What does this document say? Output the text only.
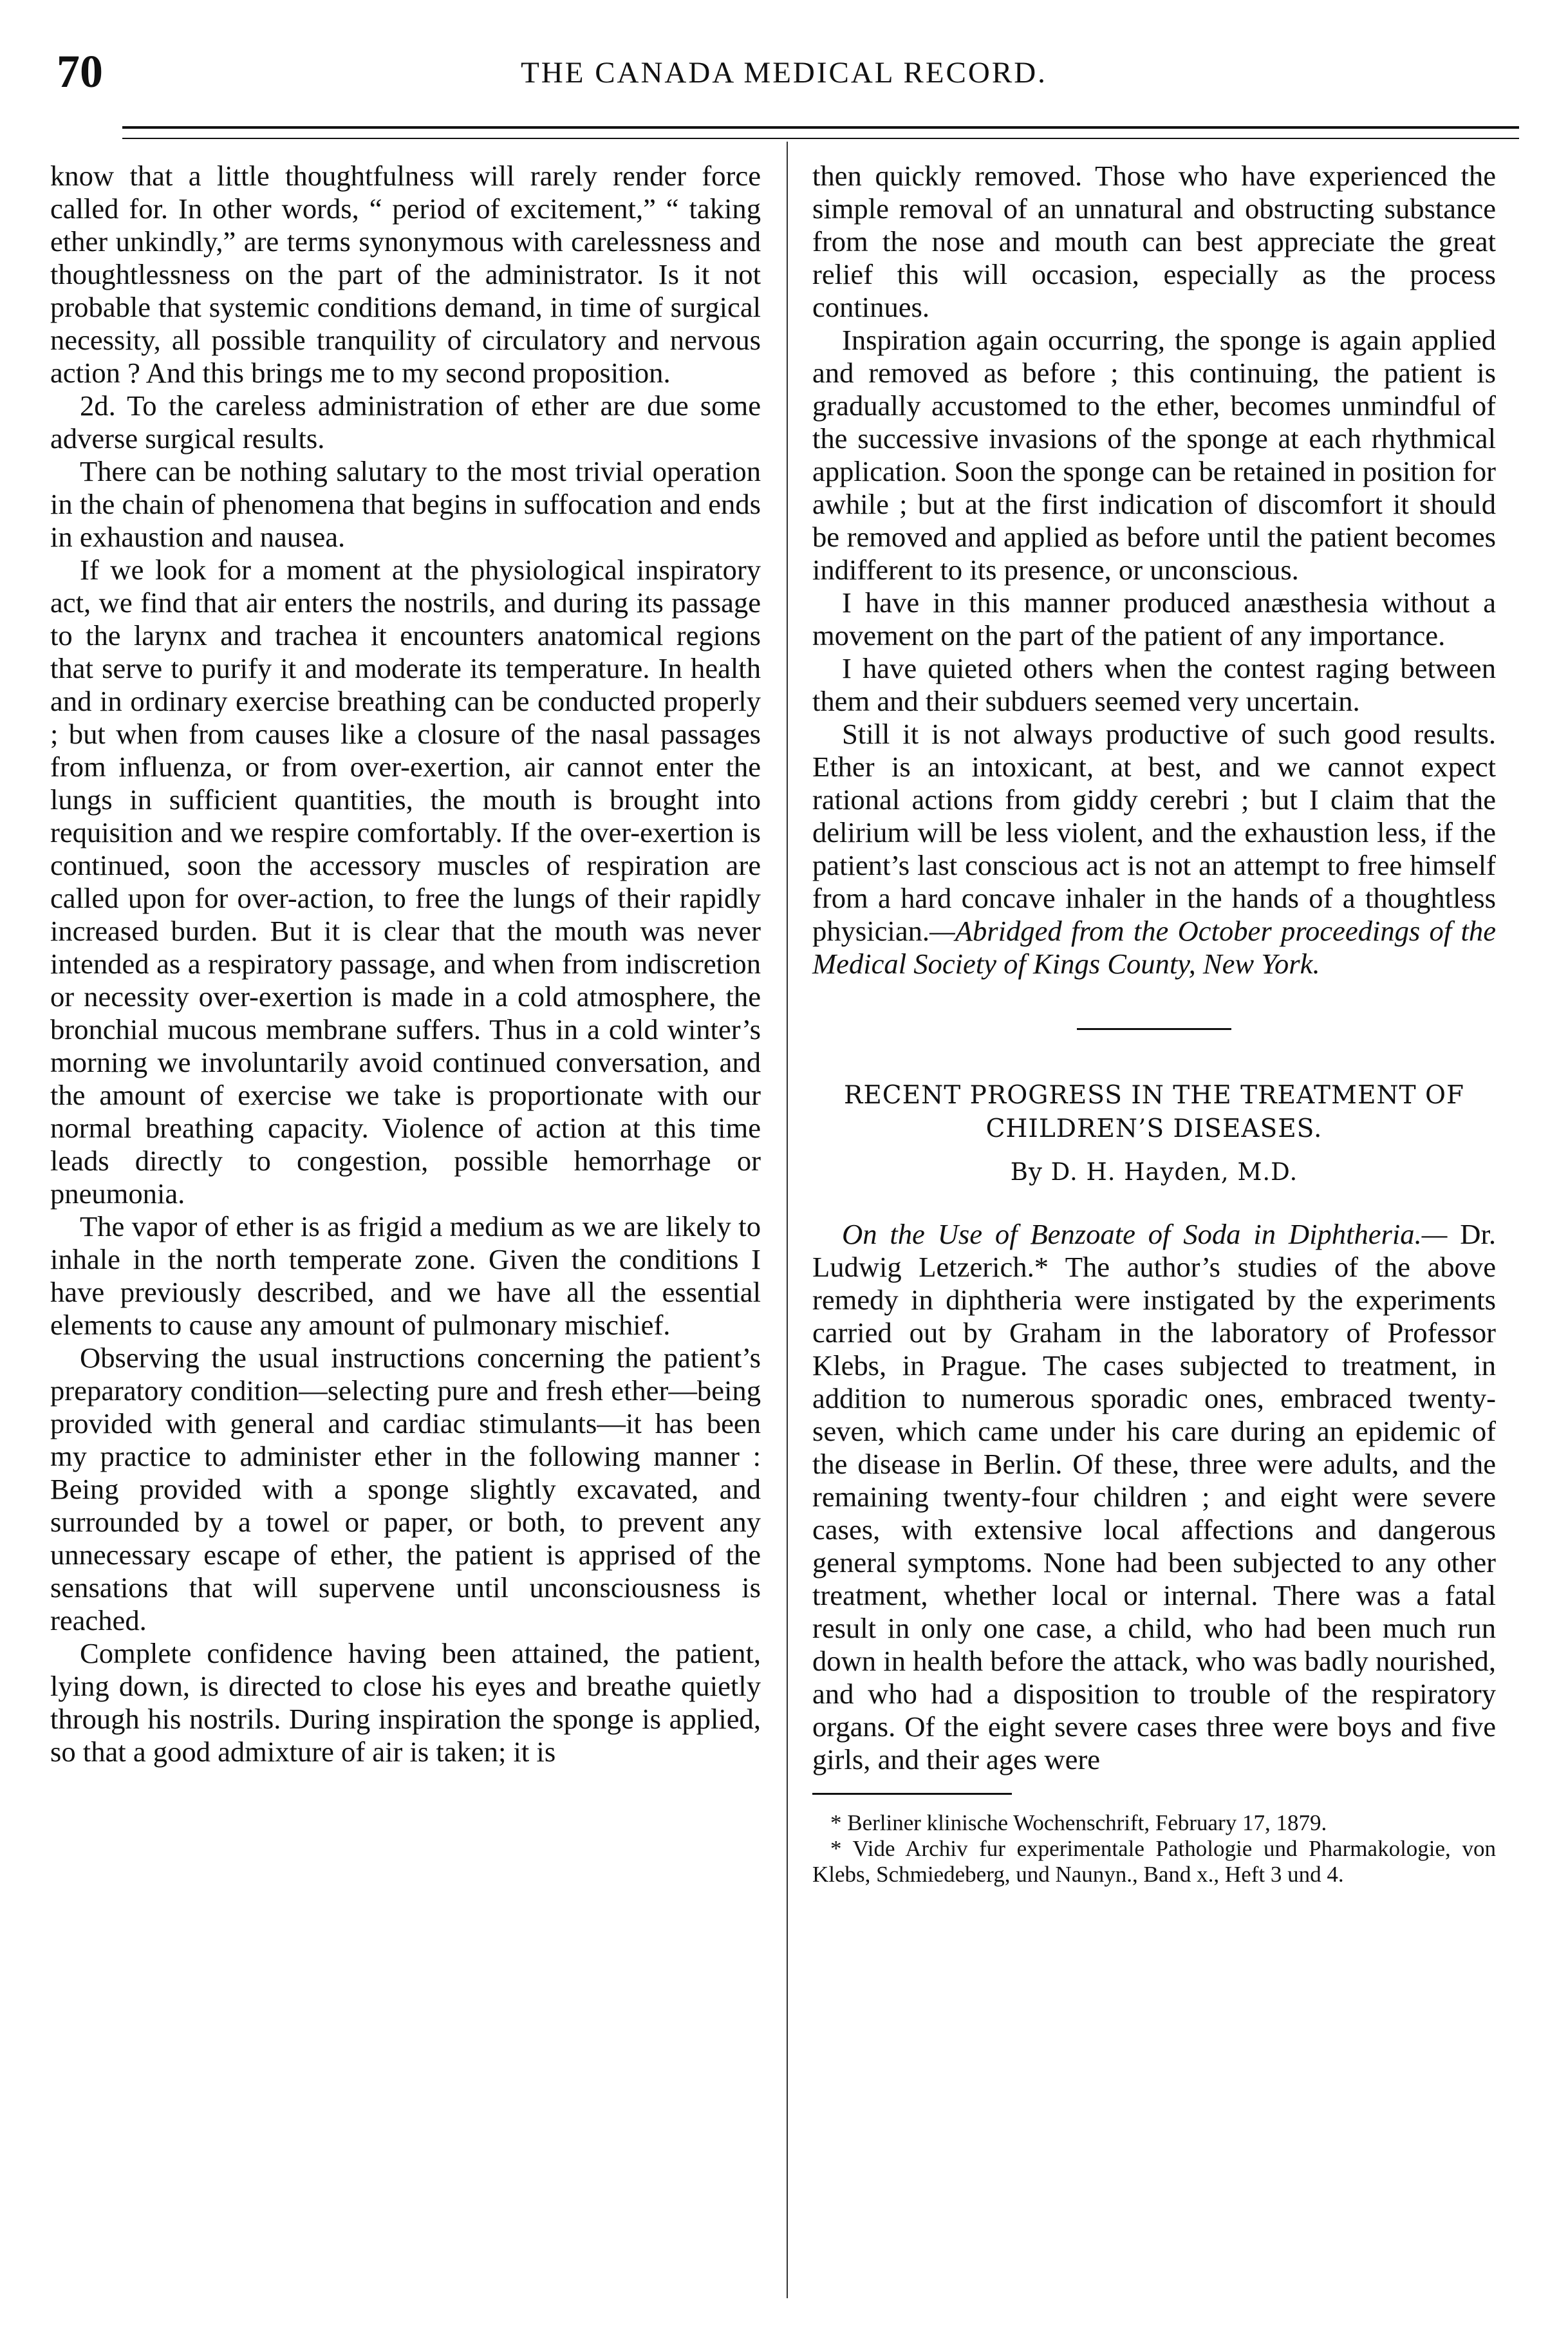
70	THE CANADA MEDICAL RECORD.

know that a little thoughtfulness will rarely render force called for. In other words, “ period of excitement,” “ taking ether unkindly,” are terms synonymous with carelessness and thoughtlessness on the part of the administrator. Is it not probable that systemic conditions demand, in time of surgical necessity, all possible tranquility of circulatory and nervous action ? And this brings me to my second proposition.

2d. To the careless administration of ether are due some adverse surgical results.

There can be nothing salutary to the most trivial operation in the chain of phenomena that begins in suffocation and ends in exhaustion and nausea.

If we look for a moment at the physiological inspiratory act, we find that air enters the nostrils, and during its passage to the larynx and trachea it encounters anatomical regions that serve to purify it and moderate its temperature. In health and in ordinary exercise breathing can be conducted properly ; but when from causes like a closure of the nasal passages from influenza, or from over-exertion, air cannot enter the lungs in sufficient quantities, the mouth is brought into requisition and we respire comfortably. If the over-exertion is continued, soon the accessory muscles of respiration are called upon for over-action, to free the lungs of their rapidly increased burden. But it is clear that the mouth was never intended as a respiratory passage, and when from indiscretion or necessity over-exertion is made in a cold atmosphere, the bronchial mucous membrane suffers. Thus in a cold winter’s morning we involuntarily avoid continued conversation, and the amount of exercise we take is proportionate with our normal breathing capacity. Violence of action at this time leads directly to congestion, possible hemorrhage or pneumonia.

The vapor of ether is as frigid a medium as we are likely to inhale in the north temperate zone. Given the conditions I have previously described, and we have all the essential elements to cause any amount of pulmonary mischief.

Observing the usual instructions concerning the patient’s preparatory condition—selecting pure and fresh ether—being provided with general and cardiac stimulants—it has been my practice to administer ether in the following manner : Being provided with a sponge slightly excavated, and surrounded by a towel or paper, or both, to prevent any unnecessary escape of ether, the patient is apprised of the sensations that will supervene until unconsciousness is reached.

Complete confidence having been attained, the patient, lying down, is directed to close his eyes and breathe quietly through his nostrils. During inspiration the sponge is applied, so that a good admixture of air is taken; it is

then quickly removed. Those who have experienced the simple removal of an unnatural and obstructing substance from the nose and mouth can best appreciate the great relief this will occasion, especially as the process continues.

Inspiration again occurring, the sponge is again applied and removed as before ; this continuing, the patient is gradually accustomed to the ether, becomes unmindful of the successive invasions of the sponge at each rhythmical application. Soon the sponge can be retained in position for awhile ; but at the first indication of discomfort it should be removed and applied as before until the patient becomes indifferent to its presence, or unconscious.

I have in this manner produced anæsthesia without a movement on the part of the patient of any importance.

I have quieted others when the contest raging between them and their subduers seemed very uncertain.

Still it is not always productive of such good results. Ether is an intoxicant, at best, and we cannot expect rational actions from giddy cerebri ; but I claim that the delirium will be less violent, and the exhaustion less, if the patient’s last conscious act is not an attempt to free himself from a hard concave inhaler in the hands of a thoughtless physician.—Abridged from the October proceedings of the Medical Society of Kings County, New York.

RECENT PROGRESS IN THE TREATMENT OF CHILDREN’S DISEASES.
By D. H. Hayden, M.D.

On the Use of Benzoate of Soda in Diphtheria.— Dr. Ludwig Letzerich.* The author’s studies of the above remedy in diphtheria were instigated by the experiments carried out by Graham in the laboratory of Professor Klebs, in Prague. The cases subjected to treatment, in addition to numerous sporadic ones, embraced twenty-seven, which came under his care during an epidemic of the disease in Berlin. Of these, three were adults, and the remaining twenty-four children ; and eight were severe cases, with extensive local affections and dangerous general symptoms. None had been subjected to any other treatment, whether local or internal. There was a fatal result in only one case, a child, who had been much run down in health before the attack, who was badly nourished, and who had a disposition to trouble of the respiratory organs. Of the eight severe cases three were boys and five girls, and their ages were

* Berliner klinische Wochenschrift, February 17, 1879.

* Vide Archiv fur experimentale Pathologie und Pharmakologie, von Klebs, Schmiedeberg, und Naunyn., Band x., Heft 3 und 4.
